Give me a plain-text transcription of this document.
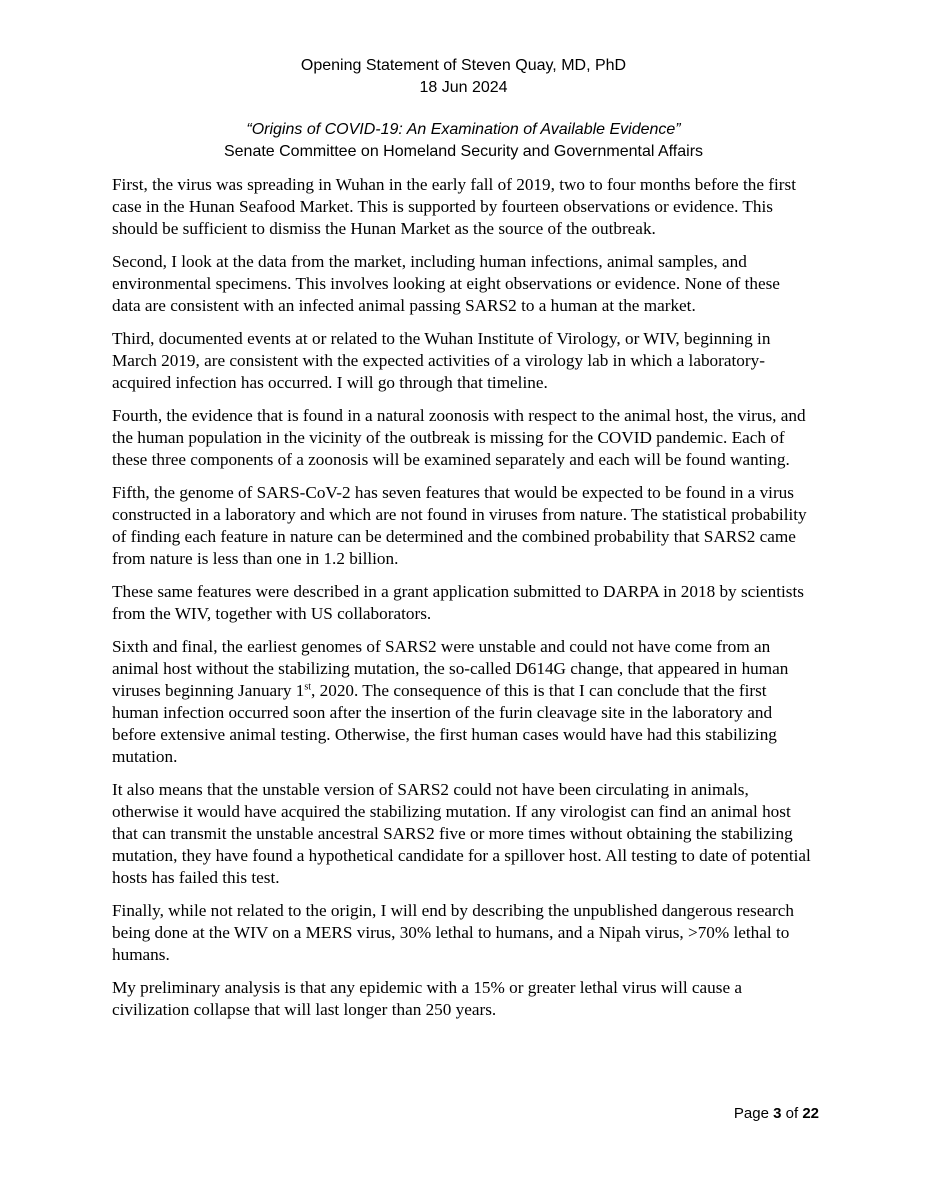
Opening Statement of Steven Quay, MD, PhD
18 Jun 2024
“Origins of COVID-19: An Examination of Available Evidence”
Senate Committee on Homeland Security and Governmental Affairs

First, the virus was spreading in Wuhan in the early fall of 2019, two to four months before the first case in the Hunan Seafood Market. This is supported by fourteen observations or evidence. This should be sufficient to dismiss the Hunan Market as the source of the outbreak.

Second, I look at the data from the market, including human infections, animal samples, and environmental specimens. This involves looking at eight observations or evidence. None of these data are consistent with an infected animal passing SARS2 to a human at the market.

Third, documented events at or related to the Wuhan Institute of Virology, or WIV, beginning in March 2019, are consistent with the expected activities of a virology lab in which a laboratory-acquired infection has occurred. I will go through that timeline.

Fourth, the evidence that is found in a natural zoonosis with respect to the animal host, the virus, and the human population in the vicinity of the outbreak is missing for the COVID pandemic. Each of these three components of a zoonosis will be examined separately and each will be found wanting.

Fifth, the genome of SARS-CoV-2 has seven features that would be expected to be found in a virus constructed in a laboratory and which are not found in viruses from nature. The statistical probability of finding each feature in nature can be determined and the combined probability that SARS2 came from nature is less than one in 1.2 billion.

These same features were described in a grant application submitted to DARPA in 2018 by scientists from the WIV, together with US collaborators.

Sixth and final, the earliest genomes of SARS2 were unstable and could not have come from an animal host without the stabilizing mutation, the so-called D614G change, that appeared in human viruses beginning January 1st, 2020. The consequence of this is that I can conclude that the first human infection occurred soon after the insertion of the furin cleavage site in the laboratory and before extensive animal testing. Otherwise, the first human cases would have had this stabilizing mutation.

It also means that the unstable version of SARS2 could not have been circulating in animals, otherwise it would have acquired the stabilizing mutation. If any virologist can find an animal host that can transmit the unstable ancestral SARS2 five or more times without obtaining the stabilizing mutation, they have found a hypothetical candidate for a spillover host. All testing to date of potential hosts has failed this test.

Finally, while not related to the origin, I will end by describing the unpublished dangerous research being done at the WIV on a MERS virus, 30% lethal to humans, and a Nipah virus, >70% lethal to humans.

My preliminary analysis is that any epidemic with a 15% or greater lethal virus will cause a civilization collapse that will last longer than 250 years.

Page 3 of 22
